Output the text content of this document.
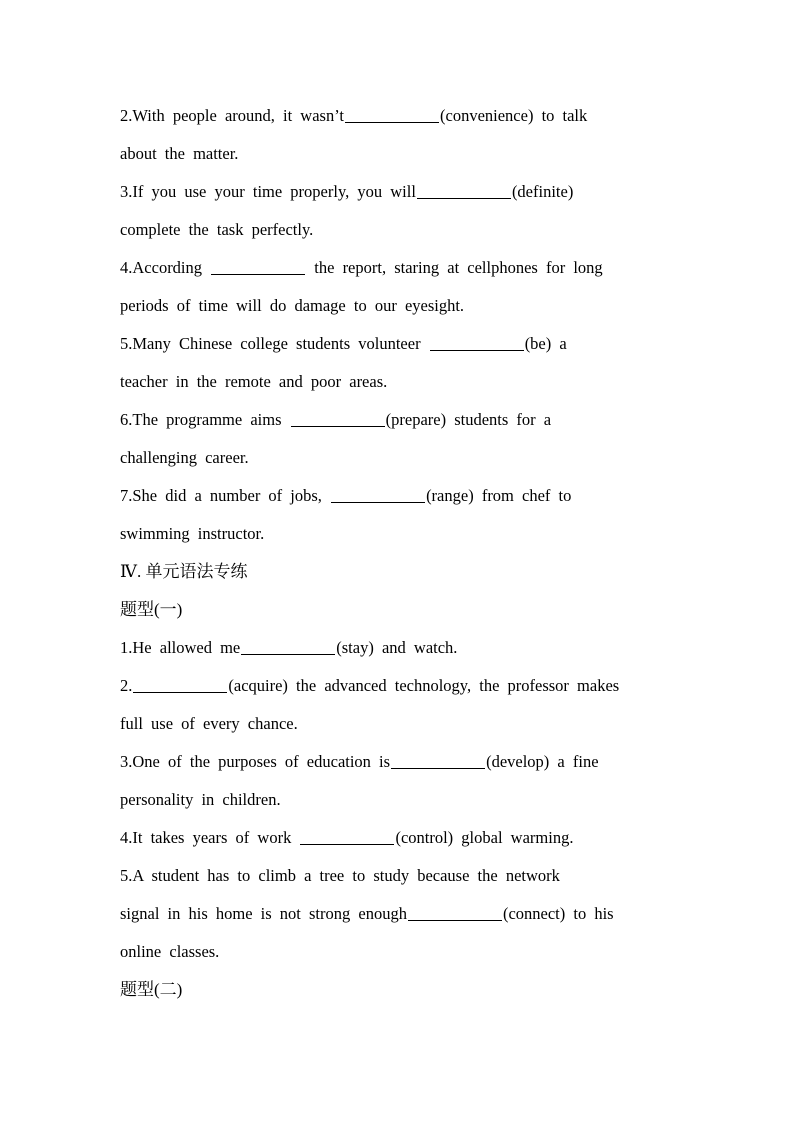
2.With people around, it wasn’t	(convenience) to talk
about the matter.
3.If you use your time properly, you will	(definite)
complete the task perfectly.
4.According	the report, staring at cellphones for long
periods of time will do damage to our eyesight.
5.Many Chinese college students volunteer	(be) a
teacher in the remote and poor areas.
6.The programme aims	(prepare) students for a
challenging career.
7.She did a number of jobs,	(range) from chef to
swimming instructor.
Ⅳ. 单元语法专练
题型(一)
1.He allowed me	(stay) and watch.
2.	(acquire) the advanced technology, the professor makes
full use of every chance.
3.One of the purposes of education is	(develop) a fine
personality in children.
4.It takes years of work	(control) global warming.
5.A student has to climb a tree to study because the network
signal in his home is not strong enough	(connect) to his
online classes.
题型(二)
